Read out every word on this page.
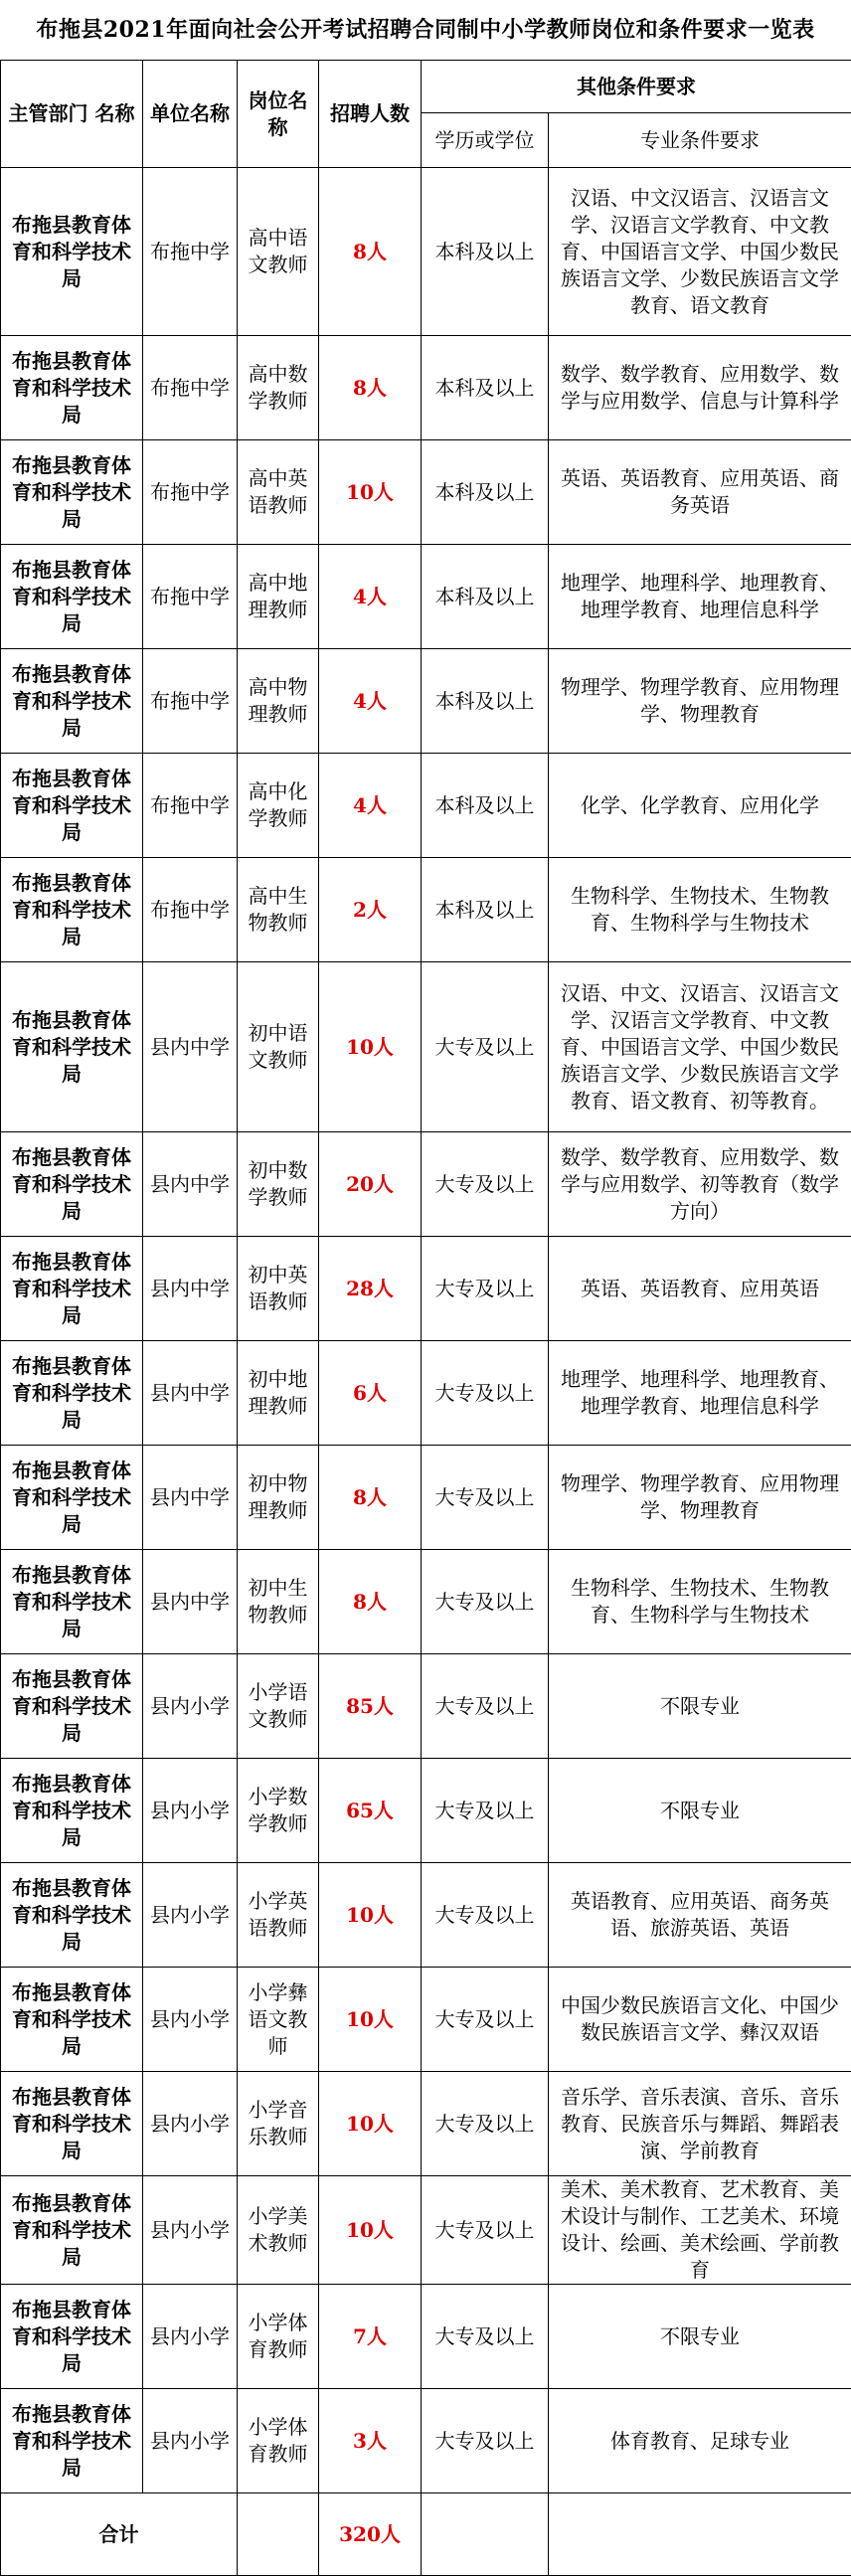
布拖县2021年面向社会公开考试招聘合同制中小学教师岗位和条件要求一览表
主管部门 名称	单位名称	岗位名称	招聘人数	其他条件要求	
				学历或学位	专业条件要求
布拖县教育体育和科学技术局	布拖中学	高中语文教师	8人	本科及以上	汉语、中文汉语言、汉语言文学、汉语言文学教育、中文教育、中国语言文学、中国少数民族语言文学、少数民族语言文学教育、语文教育
布拖县教育体育和科学技术局	布拖中学	高中数学教师	8人	本科及以上	数学、数学教育、应用数学、数学与应用数学、信息与计算科学
布拖县教育体育和科学技术局	布拖中学	高中英语教师	10人	本科及以上	英语、英语教育、应用英语、商务英语
布拖县教育体育和科学技术局	布拖中学	高中地理教师	4人	本科及以上	地理学、地理科学、地理教育、地理学教育、地理信息科学
布拖县教育体育和科学技术局	布拖中学	高中物理教师	4人	本科及以上	物理学、物理学教育、应用物理学、物理教育
布拖县教育体育和科学技术局	布拖中学	高中化学教师	4人	本科及以上	化学、化学教育、应用化学
布拖县教育体育和科学技术局	布拖中学	高中生物教师	2人	本科及以上	生物科学、生物技术、生物教育、生物科学与生物技术
布拖县教育体育和科学技术局	县内中学	初中语文教师	10人	大专及以上	汉语、中文、汉语言、汉语言文学、汉语言文学教育、中文教育、中国语言文学、中国少数民族语言文学、少数民族语言文学教育、语文教育、初等教育。
布拖县教育体育和科学技术局	县内中学	初中数学教师	20人	大专及以上	数学、数学教育、应用数学、数学与应用数学、初等教育（数学方向）
布拖县教育体育和科学技术局	县内中学	初中英语教师	28人	大专及以上	英语、英语教育、应用英语
布拖县教育体育和科学技术局	县内中学	初中地理教师	6人	大专及以上	地理学、地理科学、地理教育、地理学教育、地理信息科学
布拖县教育体育和科学技术局	县内中学	初中物理教师	8人	大专及以上	物理学、物理学教育、应用物理学、物理教育
布拖县教育体育和科学技术局	县内中学	初中生物教师	8人	大专及以上	生物科学、生物技术、生物教育、生物科学与生物技术
布拖县教育体育和科学技术局	县内小学	小学语文教师	85人	大专及以上	不限专业
布拖县教育体育和科学技术局	县内小学	小学数学教师	65人	大专及以上	不限专业
布拖县教育体育和科学技术局	县内小学	小学英语教师	10人	大专及以上	英语教育、应用英语、商务英语、旅游英语、英语
布拖县教育体育和科学技术局	县内小学	小学彝语文教师	10人	大专及以上	中国少数民族语言文化、中国少数民族语言文学、彝汉双语
布拖县教育体育和科学技术局	县内小学	小学音乐教师	10人	大专及以上	音乐学、音乐表演、音乐、音乐教育、民族音乐与舞蹈、舞蹈表演、学前教育
布拖县教育体育和科学技术局	县内小学	小学美术教师	10人	大专及以上	美术、美术教育、艺术教育、美术设计与制作、工艺美术、环境设计、绘画、美术绘画、学前教育
布拖县教育体育和科学技术局	县内小学	小学体育教师	7人	大专及以上	不限专业
布拖县教育体育和科学技术局	县内小学	小学体育教师	3人	大专及以上	体育教育、足球专业
合计			320人		
